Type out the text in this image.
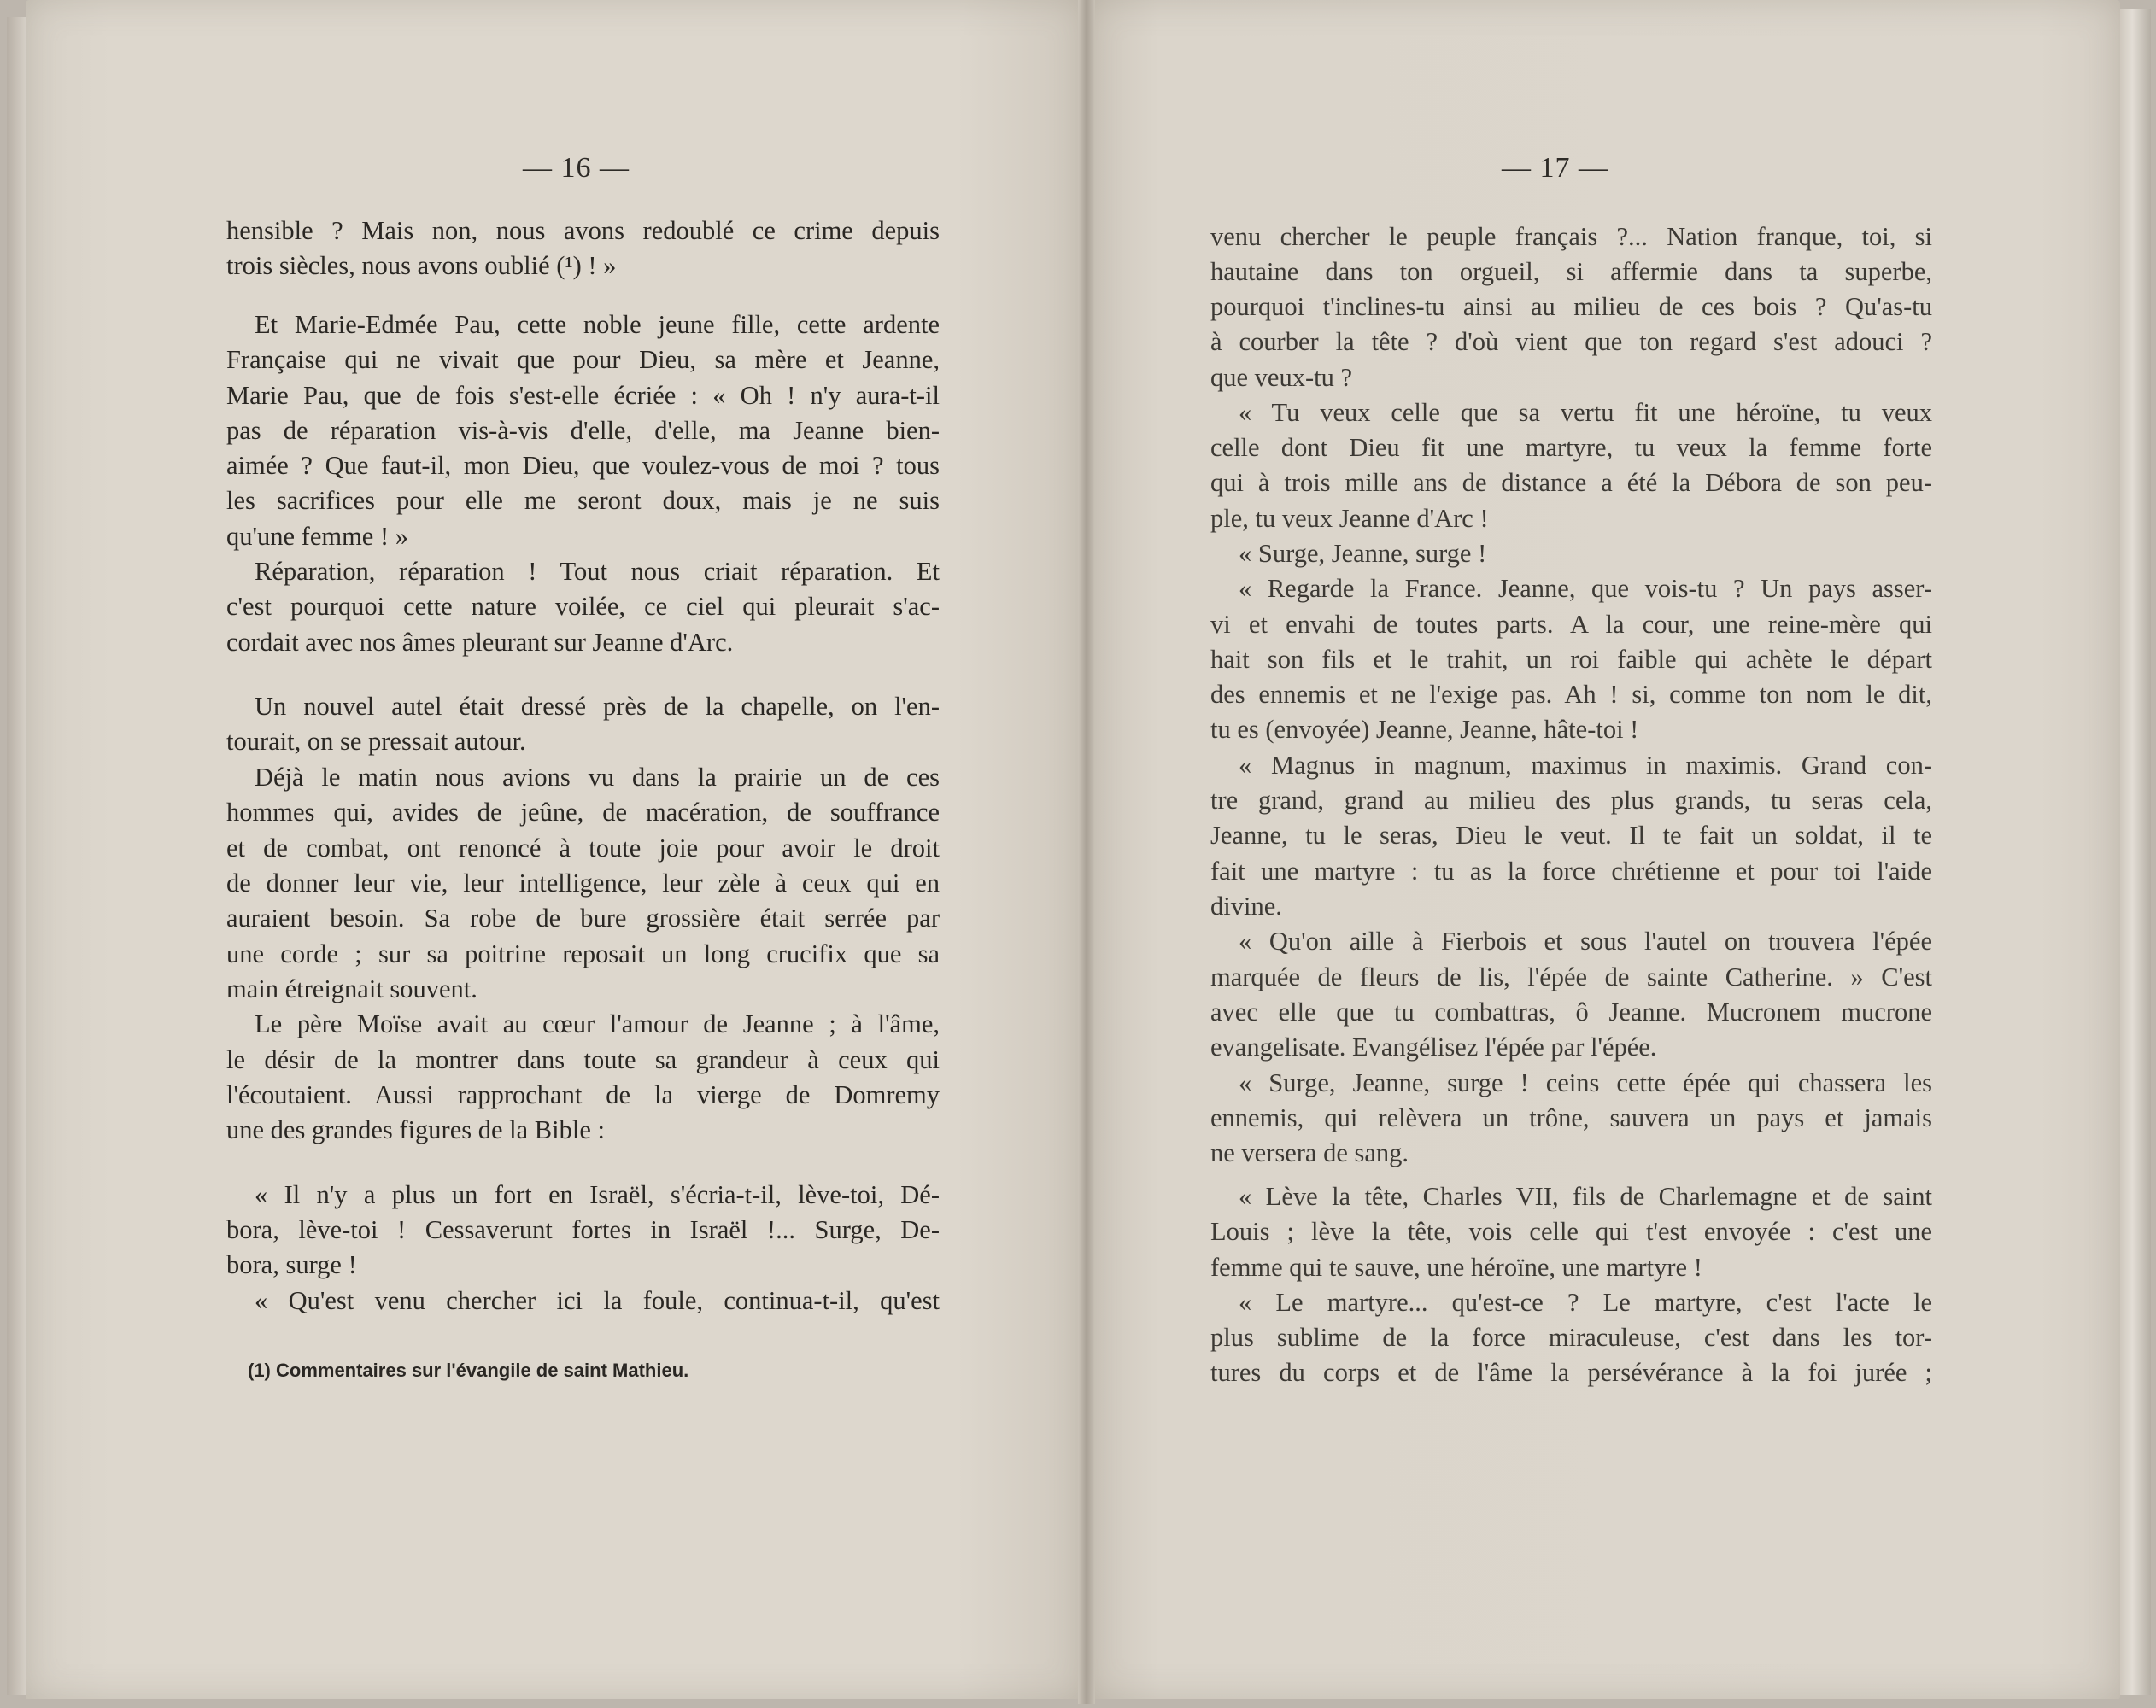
— 16 —	— 17 —
hensible ? Mais non, nous avons redoublé ce crime depuis
trois siècles, nous avons oublié (¹) ! »
Et Marie-Edmée Pau, cette noble jeune fille, cette ardente
Française qui ne vivait que pour Dieu, sa mère et Jeanne,
Marie Pau, que de fois s'est-elle écriée : « Oh ! n'y aura-t-il
pas de réparation vis-à-vis d'elle, d'elle, ma Jeanne bien-
aimée ? Que faut-il, mon Dieu, que voulez-vous de moi ? tous
les sacrifices pour elle me seront doux, mais je ne suis
qu'une femme ! »
Réparation, réparation ! Tout nous criait réparation. Et
c'est pourquoi cette nature voilée, ce ciel qui pleurait s'ac-
cordait avec nos âmes pleurant sur Jeanne d'Arc.
Un nouvel autel était dressé près de la chapelle, on l'en-
tourait, on se pressait autour.
Déjà le matin nous avions vu dans la prairie un de ces
hommes qui, avides de jeûne, de macération, de souffrance
et de combat, ont renoncé à toute joie pour avoir le droit
de donner leur vie, leur intelligence, leur zèle à ceux qui en
auraient besoin. Sa robe de bure grossière était serrée par
une corde ; sur sa poitrine reposait un long crucifix que sa
main étreignait souvent.
Le père Moïse avait au cœur l'amour de Jeanne ; à l'âme,
le désir de la montrer dans toute sa grandeur à ceux qui
l'écoutaient. Aussi rapprochant de la vierge de Domremy
une des grandes figures de la Bible :
« Il n'y a plus un fort en Israël, s'écria-t-il, lève-toi, Dé-
bora, lève-toi ! Cessaverunt fortes in Israël !... Surge, De-
bora, surge !
« Qu'est venu chercher ici la foule, continua-t-il, qu'est
venu chercher le peuple français ?... Nation franque, toi, si
hautaine dans ton orgueil, si affermie dans ta superbe,
pourquoi t'inclines-tu ainsi au milieu de ces bois ? Qu'as-tu
à courber la tête ? d'où vient que ton regard s'est adouci ?
que veux-tu ?
« Tu veux celle que sa vertu fit une héroïne, tu veux
celle dont Dieu fit une martyre, tu veux la femme forte
qui à trois mille ans de distance a été la Débora de son peu-
ple, tu veux Jeanne d'Arc !
« Surge, Jeanne, surge !
« Regarde la France. Jeanne, que vois-tu ? Un pays asser-
vi et envahi de toutes parts. A la cour, une reine-mère qui
hait son fils et le trahit, un roi faible qui achète le départ
des ennemis et ne l'exige pas. Ah ! si, comme ton nom le dit,
tu es (envoyée) Jeanne, Jeanne, hâte-toi !
« Magnus in magnum, maximus in maximis. Grand con-
tre grand, grand au milieu des plus grands, tu seras cela,
Jeanne, tu le seras, Dieu le veut. Il te fait un soldat, il te
fait une martyre : tu as la force chrétienne et pour toi l'aide
divine.
« Qu'on aille à Fierbois et sous l'autel on trouvera l'épée
marquée de fleurs de lis, l'épée de sainte Catherine. » C'est
avec elle que tu combattras, ô Jeanne. Mucronem mucrone
evangelisate. Evangélisez l'épée par l'épée.
« Surge, Jeanne, surge ! ceins cette épée qui chassera les
ennemis, qui relèvera un trône, sauvera un pays et jamais
ne versera de sang.
« Lève la tête, Charles VII, fils de Charlemagne et de saint
Louis ; lève la tête, vois celle qui t'est envoyée : c'est une
femme qui te sauve, une héroïne, une martyre !
« Le martyre... qu'est-ce ? Le martyre, c'est l'acte le
plus sublime de la force miraculeuse, c'est dans les tor-
tures du corps et de l'âme la persévérance à la foi jurée ;
(1) Commentaires sur l'évangile de saint Mathieu.
